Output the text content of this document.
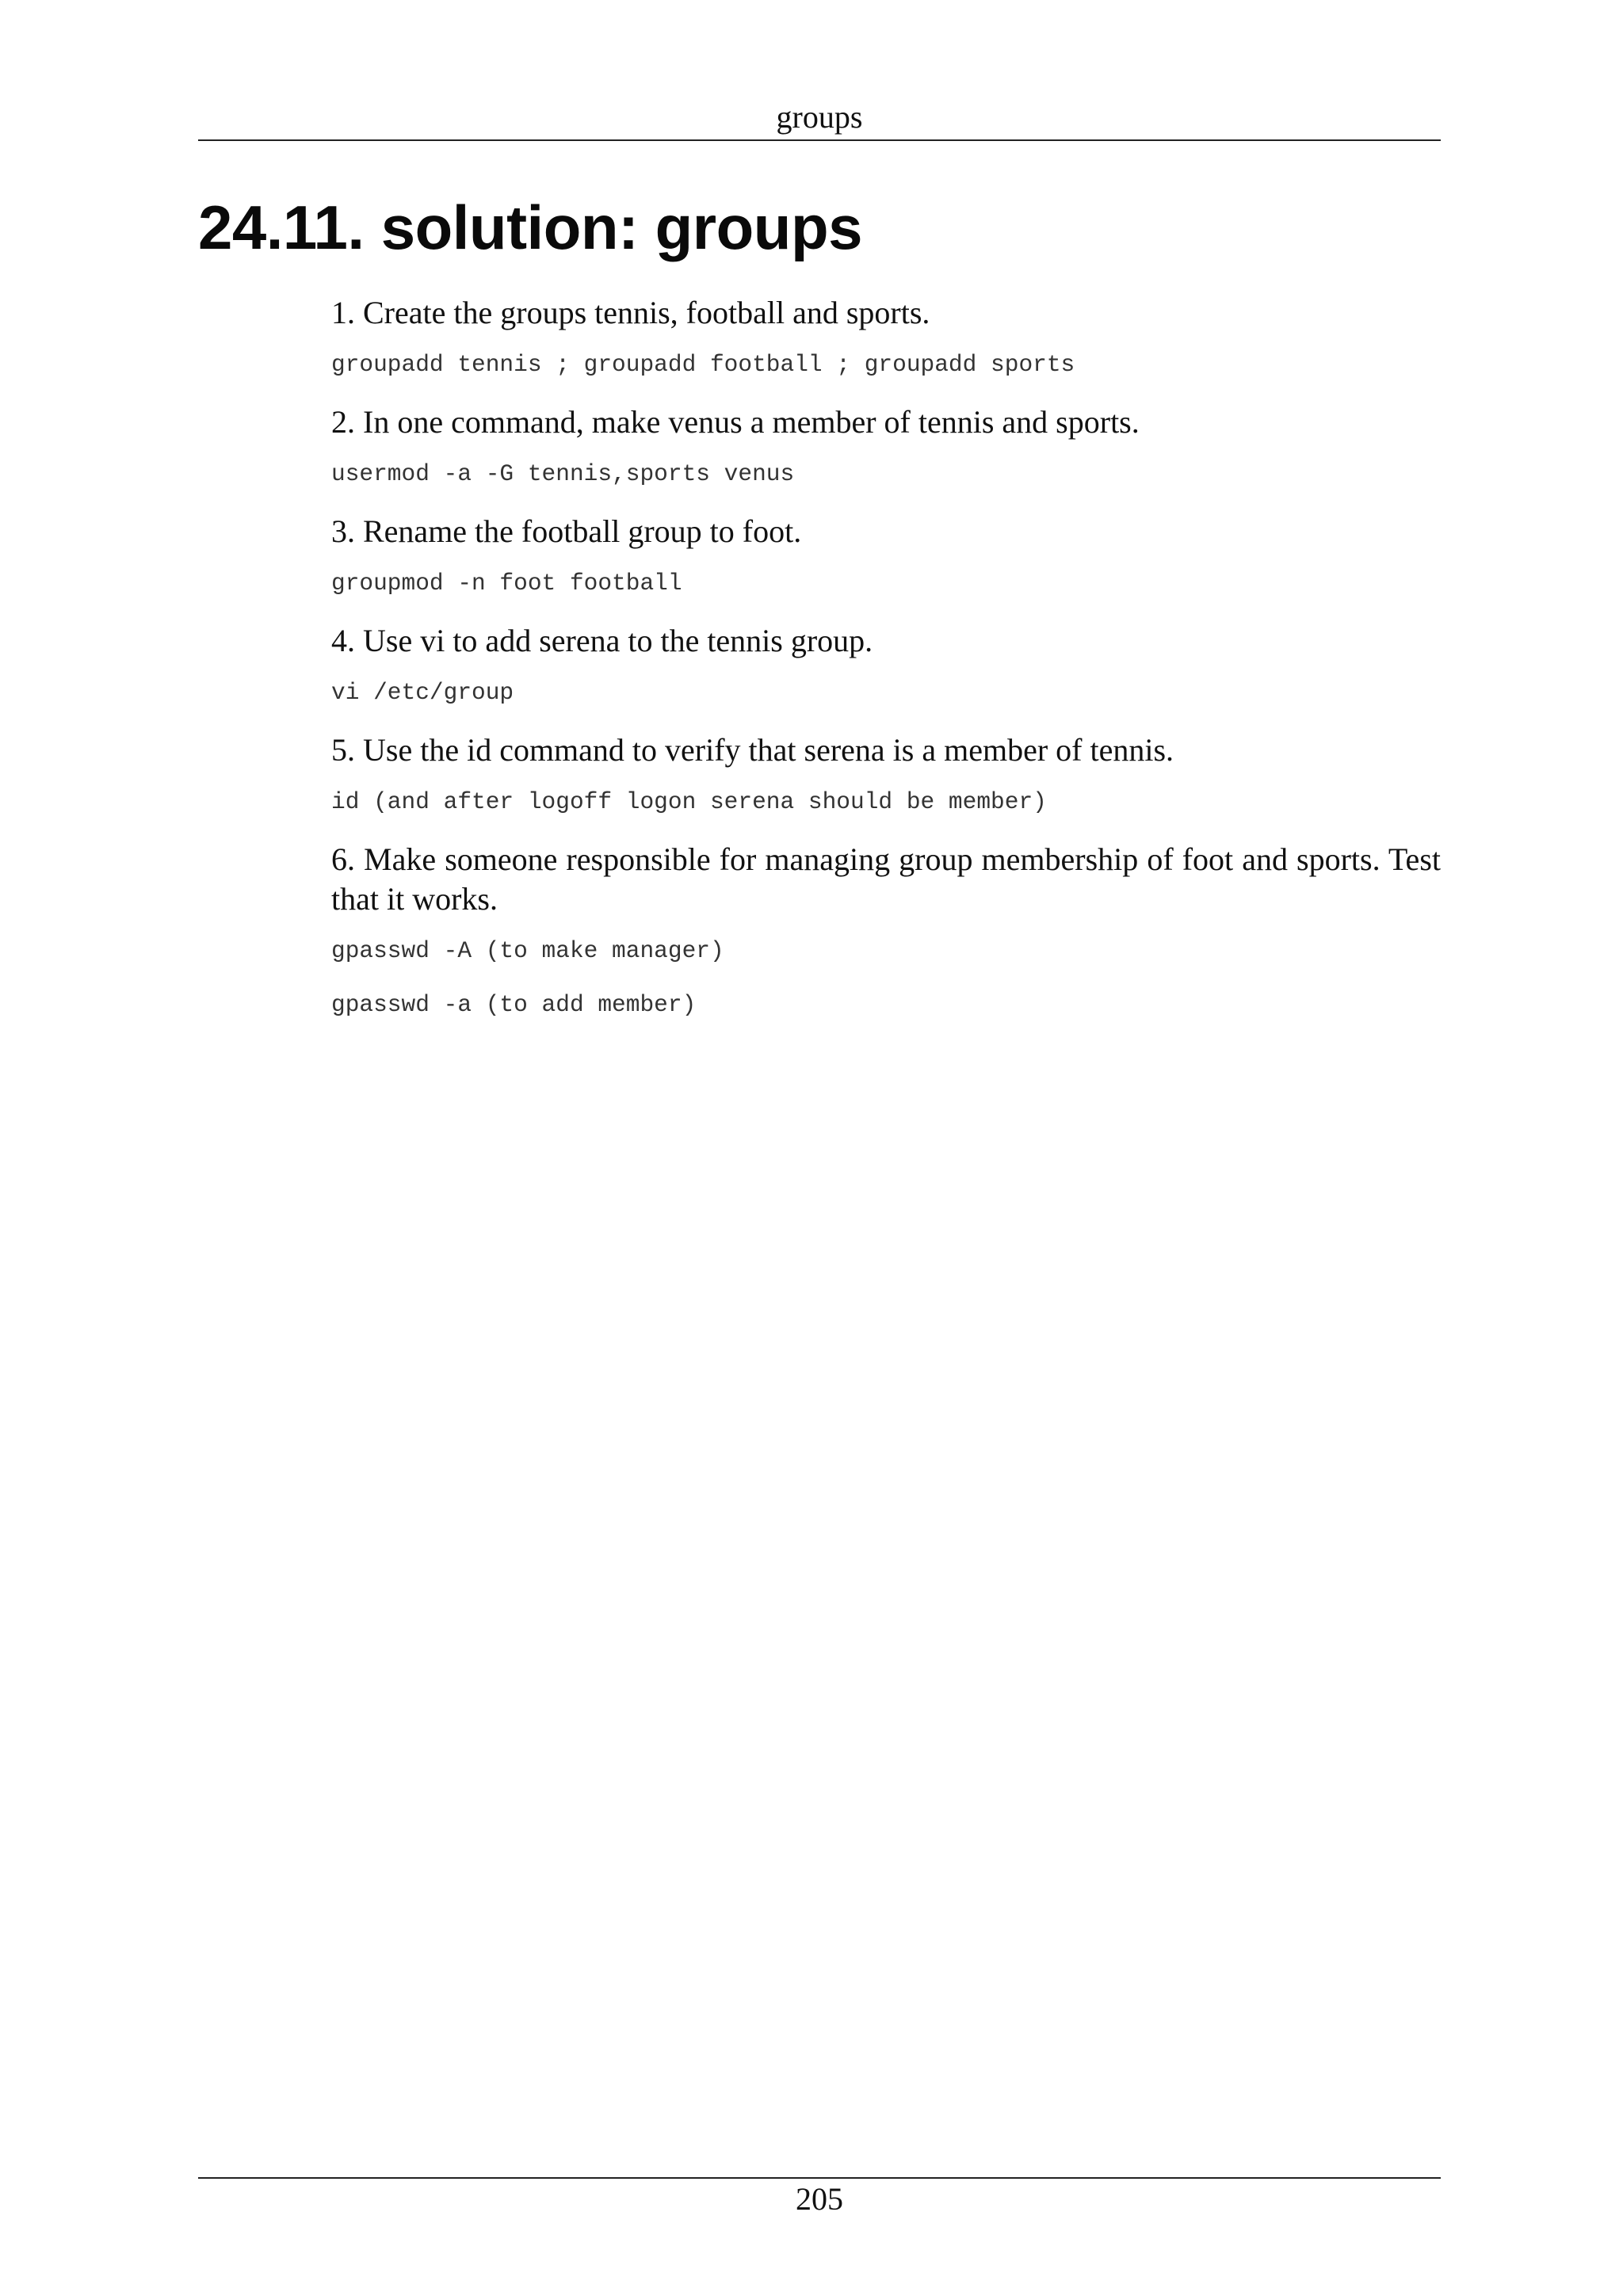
groups
24.11. solution: groups

1. Create the groups tennis, football and sports.

groupadd tennis ; groupadd football ; groupadd sports

2. In one command, make venus a member of tennis and sports.

usermod -a -G tennis,sports venus

3. Rename the football group to foot.

groupmod -n foot football

4. Use vi to add serena to the tennis group.

vi /etc/group

5. Use the id command to verify that serena is a member of tennis.

id (and after logoff logon serena should be member)

6. Make someone responsible for managing group membership of foot and sports. Test that it works.

gpasswd -A (to make manager)
gpasswd -a (to add member)
205
